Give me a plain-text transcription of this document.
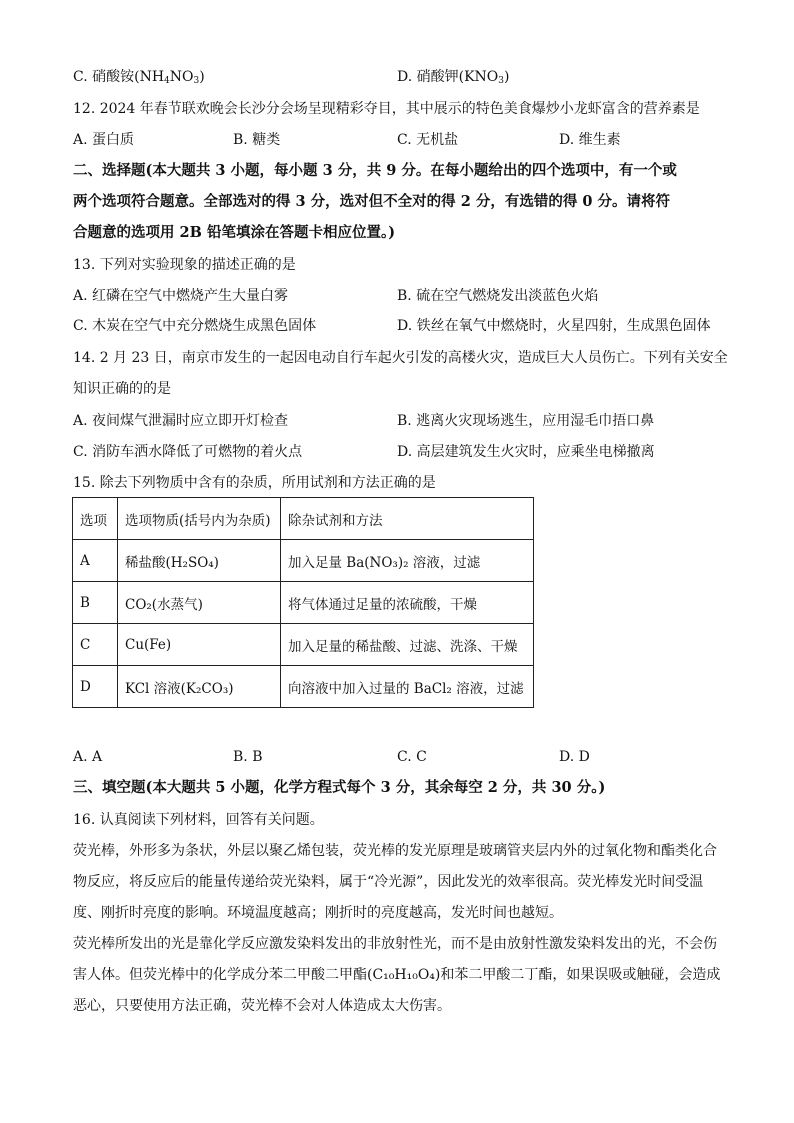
C. 硝酸铵$(NH_4NO_3)$	D. 硝酸钾$(KNO_3)$
12. 2024 年春节联欢晚会长沙分会场呈现精彩夺目，其中展示的特色美食爆炒小龙虾富含的营养素是
A. 蛋白质	B. 糖类	C. 无机盐	D. 维生素
二、选择题(本大题共 3 小题，每小题 3 分，共 9 分。在每小题给出的四个选项中，有一个或
两个选项符合题意。全部选对的得 3 分，选对但不全对的得 2 分，有选错的得 0 分。请将符
合题意的选项用 2B 铅笔填涂在答题卡相应位置。)
13. 下列对实验现象的描述正确的是
A. 红磷在空气中燃烧产生大量白雾	B. 硫在空气燃烧发出淡蓝色火焰
C. 木炭在空气中充分燃烧生成黑色固体	D. 铁丝在氧气中燃烧时，火星四射，生成黑色固体
14. 2 月 23 日，南京市发生的一起因电动自行车起火引发的高楼火灾，造成巨大人员伤亡。下列有关安全
知识正确的的是
A. 夜间煤气泄漏时应立即开灯检查	B. 逃离火灾现场逃生，应用湿毛巾捂口鼻
C. 消防车洒水降低了可燃物的着火点	D. 高层建筑发生火灾时，应乘坐电梯撤离
15. 除去下列物质中含有的杂质，所用试剂和方法正确的是
选项	选项物质(括号内为杂质)	除杂试剂和方法
A	稀盐酸(H₂SO₄)	加入足量 Ba(NO₃)₂ 溶液，过滤
B	CO₂(水蒸气)	将气体通过足量的浓硫酸，干燥
C	Cu(Fe)	加入足量的稀盐酸、过滤、洗涤、干燥
D	KCl 溶液(K₂CO₃)	向溶液中加入过量的 BaCl₂ 溶液，过滤
A. A	B. B	C. C	D. D
三、填空题(本大题共 5 小题，化学方程式每个 3 分，其余每空 2 分，共 30 分。)
16. 认真阅读下列材料，回答有关问题。
荧光棒，外形多为条状，外层以聚乙烯包装，荧光棒的发光原理是玻璃管夹层内外的过氧化物和酯类化合
物反应，将反应后的能量传递给荧光染料，属于“冷光源”，因此发光的效率很高。荧光棒发光时间受温
度、刚折时亮度的影响。环境温度越高；刚折时的亮度越高，发光时间也越短。
荧光棒所发出的光是靠化学反应激发染料发出的非放射性光，而不是由放射性激发染料发出的光，不会伤
害人体。但荧光棒中的化学成分苯二甲酸二甲酯(C₁₀H₁₀O₄)和苯二甲酸二丁酯，如果误吸或触碰，会造成
恶心，只要使用方法正确，荧光棒不会对人体造成太大伤害。
